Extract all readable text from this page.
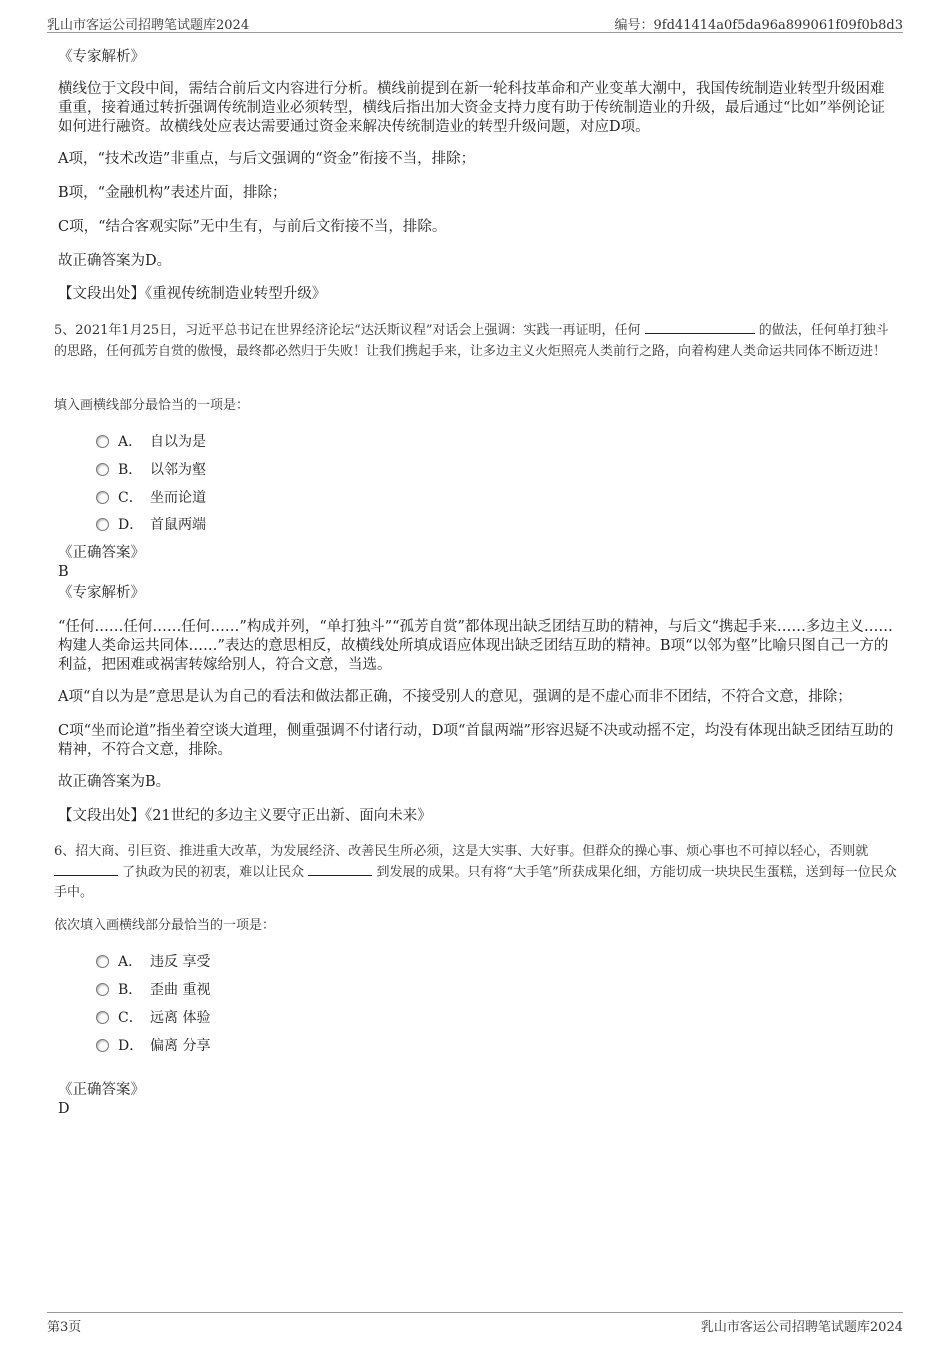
乳山市客运公司招聘笔试题库2024	编号：9fd41414a0f5da96a899061f09f0b8d3
《专家解析》
横线位于文段中间，需结合前后文内容进行分析。横线前提到在新一轮科技革命和产业变革大潮中，我国传统制造业转型升级困难重重，接着通过转折强调传统制造业必须转型，横线后指出加大资金支持力度有助于传统制造业的升级，最后通过“比如”举例论证如何进行融资。故横线处应表达需要通过资金来解决传统制造业的转型升级问题，对应D项。
A项，“技术改造”非重点，与后文强调的“资金”衔接不当，排除；
B项，“金融机构”表述片面，排除；
C项，“结合客观实际”无中生有，与前后文衔接不当，排除。
故正确答案为D。
【文段出处】《重视传统制造业转型升级》
5、2021年1月25日，习近平总书记在世界经济论坛“达沃斯议程”对话会上强调：实践一再证明，任何	的做法，任何单打独斗的思路，任何孤芳自赏的傲慢，最终都必然归于失败！让我们携起手来，让多边主义火炬照亮人类前行之路，向着构建人类命运共同体不断迈进！
填入画横线部分最恰当的一项是：
A． 自以为是
B． 以邻为壑
C． 坐而论道
D． 首鼠两端
《正确答案》
B
《专家解析》
“任何……任何……任何……”构成并列，“单打独斗”“孤芳自赏”都体现出缺乏团结互助的精神，与后文“携起手来……多边主义……构建人类命运共同体……”表达的意思相反，故横线处所填成语应体现出缺乏团结互助的精神。B项“以邻为壑”比喻只图自己一方的利益，把困难或祸害转嫁给别人，符合文意，当选。
A项“自以为是”意思是认为自己的看法和做法都正确，不接受别人的意见，强调的是不虚心而非不团结，不符合文意，排除；
C项“坐而论道”指坐着空谈大道理，侧重强调不付诸行动，D项“首鼠两端”形容迟疑不决或动摇不定，均没有体现出缺乏团结互助的精神，不符合文意，排除。
故正确答案为B。
【文段出处】《21世纪的多边主义要守正出新、面向未来》
6、招大商、引巨资、推进重大改革，为发展经济、改善民生所必须，这是大实事、大好事。但群众的操心事、烦心事也不可掉以轻心，否则就  了执政为民的初衷，难以让民众	到发展的成果。只有将“大手笔”所获成果化细，方能切成一块块民生蛋糕，送到每一位民众手中。
依次填入画横线部分最恰当的一项是：
A． 违反 享受
B． 歪曲 重视
C． 远离 体验
D． 偏离 分享
《正确答案》
D
第3页	乳山市客运公司招聘笔试题库2024
